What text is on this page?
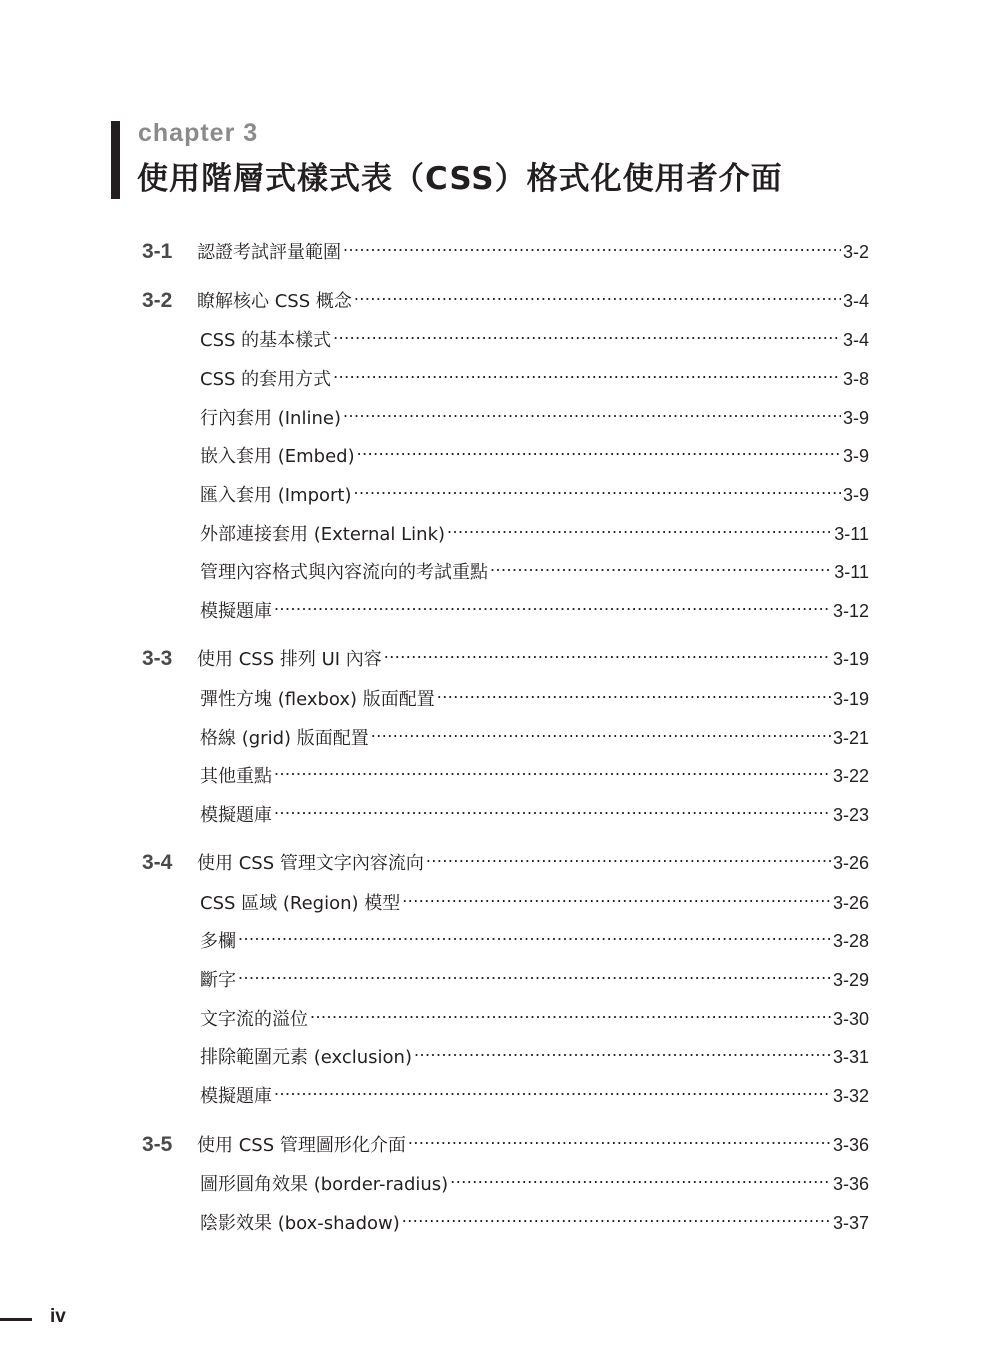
chapter 3
使用階層式樣式表（CSS）格式化使用者介面
3-1	認證考試評量範圍 .....	3-2
3-2	瞭解核心 CSS 概念 .....	3-4
CSS 的基本樣式 .....	3-4
CSS 的套用方式 .....	3-8
行內套用 (Inline) .....	3-9
嵌入套用 (Embed) .....	3-9
匯入套用 (Import) .....	3-9
外部連接套用 (External Link) .....	3-11
管理內容格式與內容流向的考試重點 .....	3-11
模擬題庫 .....	3-12
3-3	使用 CSS 排列 UI 內容 .....	3-19
彈性方塊 (flexbox) 版面配置 .....	3-19
格線 (grid) 版面配置 .....	3-21
其他重點 .....	3-22
模擬題庫 .....	3-23
3-4	使用 CSS 管理文字內容流向 .....	3-26
CSS 區域 (Region) 模型 .....	3-26
多欄 .....	3-28
斷字 .....	3-29
文字流的溢位 .....	3-30
排除範圍元素 (exclusion) .....	3-31
模擬題庫 .....	3-32
3-5	使用 CSS 管理圖形化介面 .....	3-36
圖形圓角效果 (border-radius) .....	3-36
陰影效果 (box-shadow) .....	3-37
iv
